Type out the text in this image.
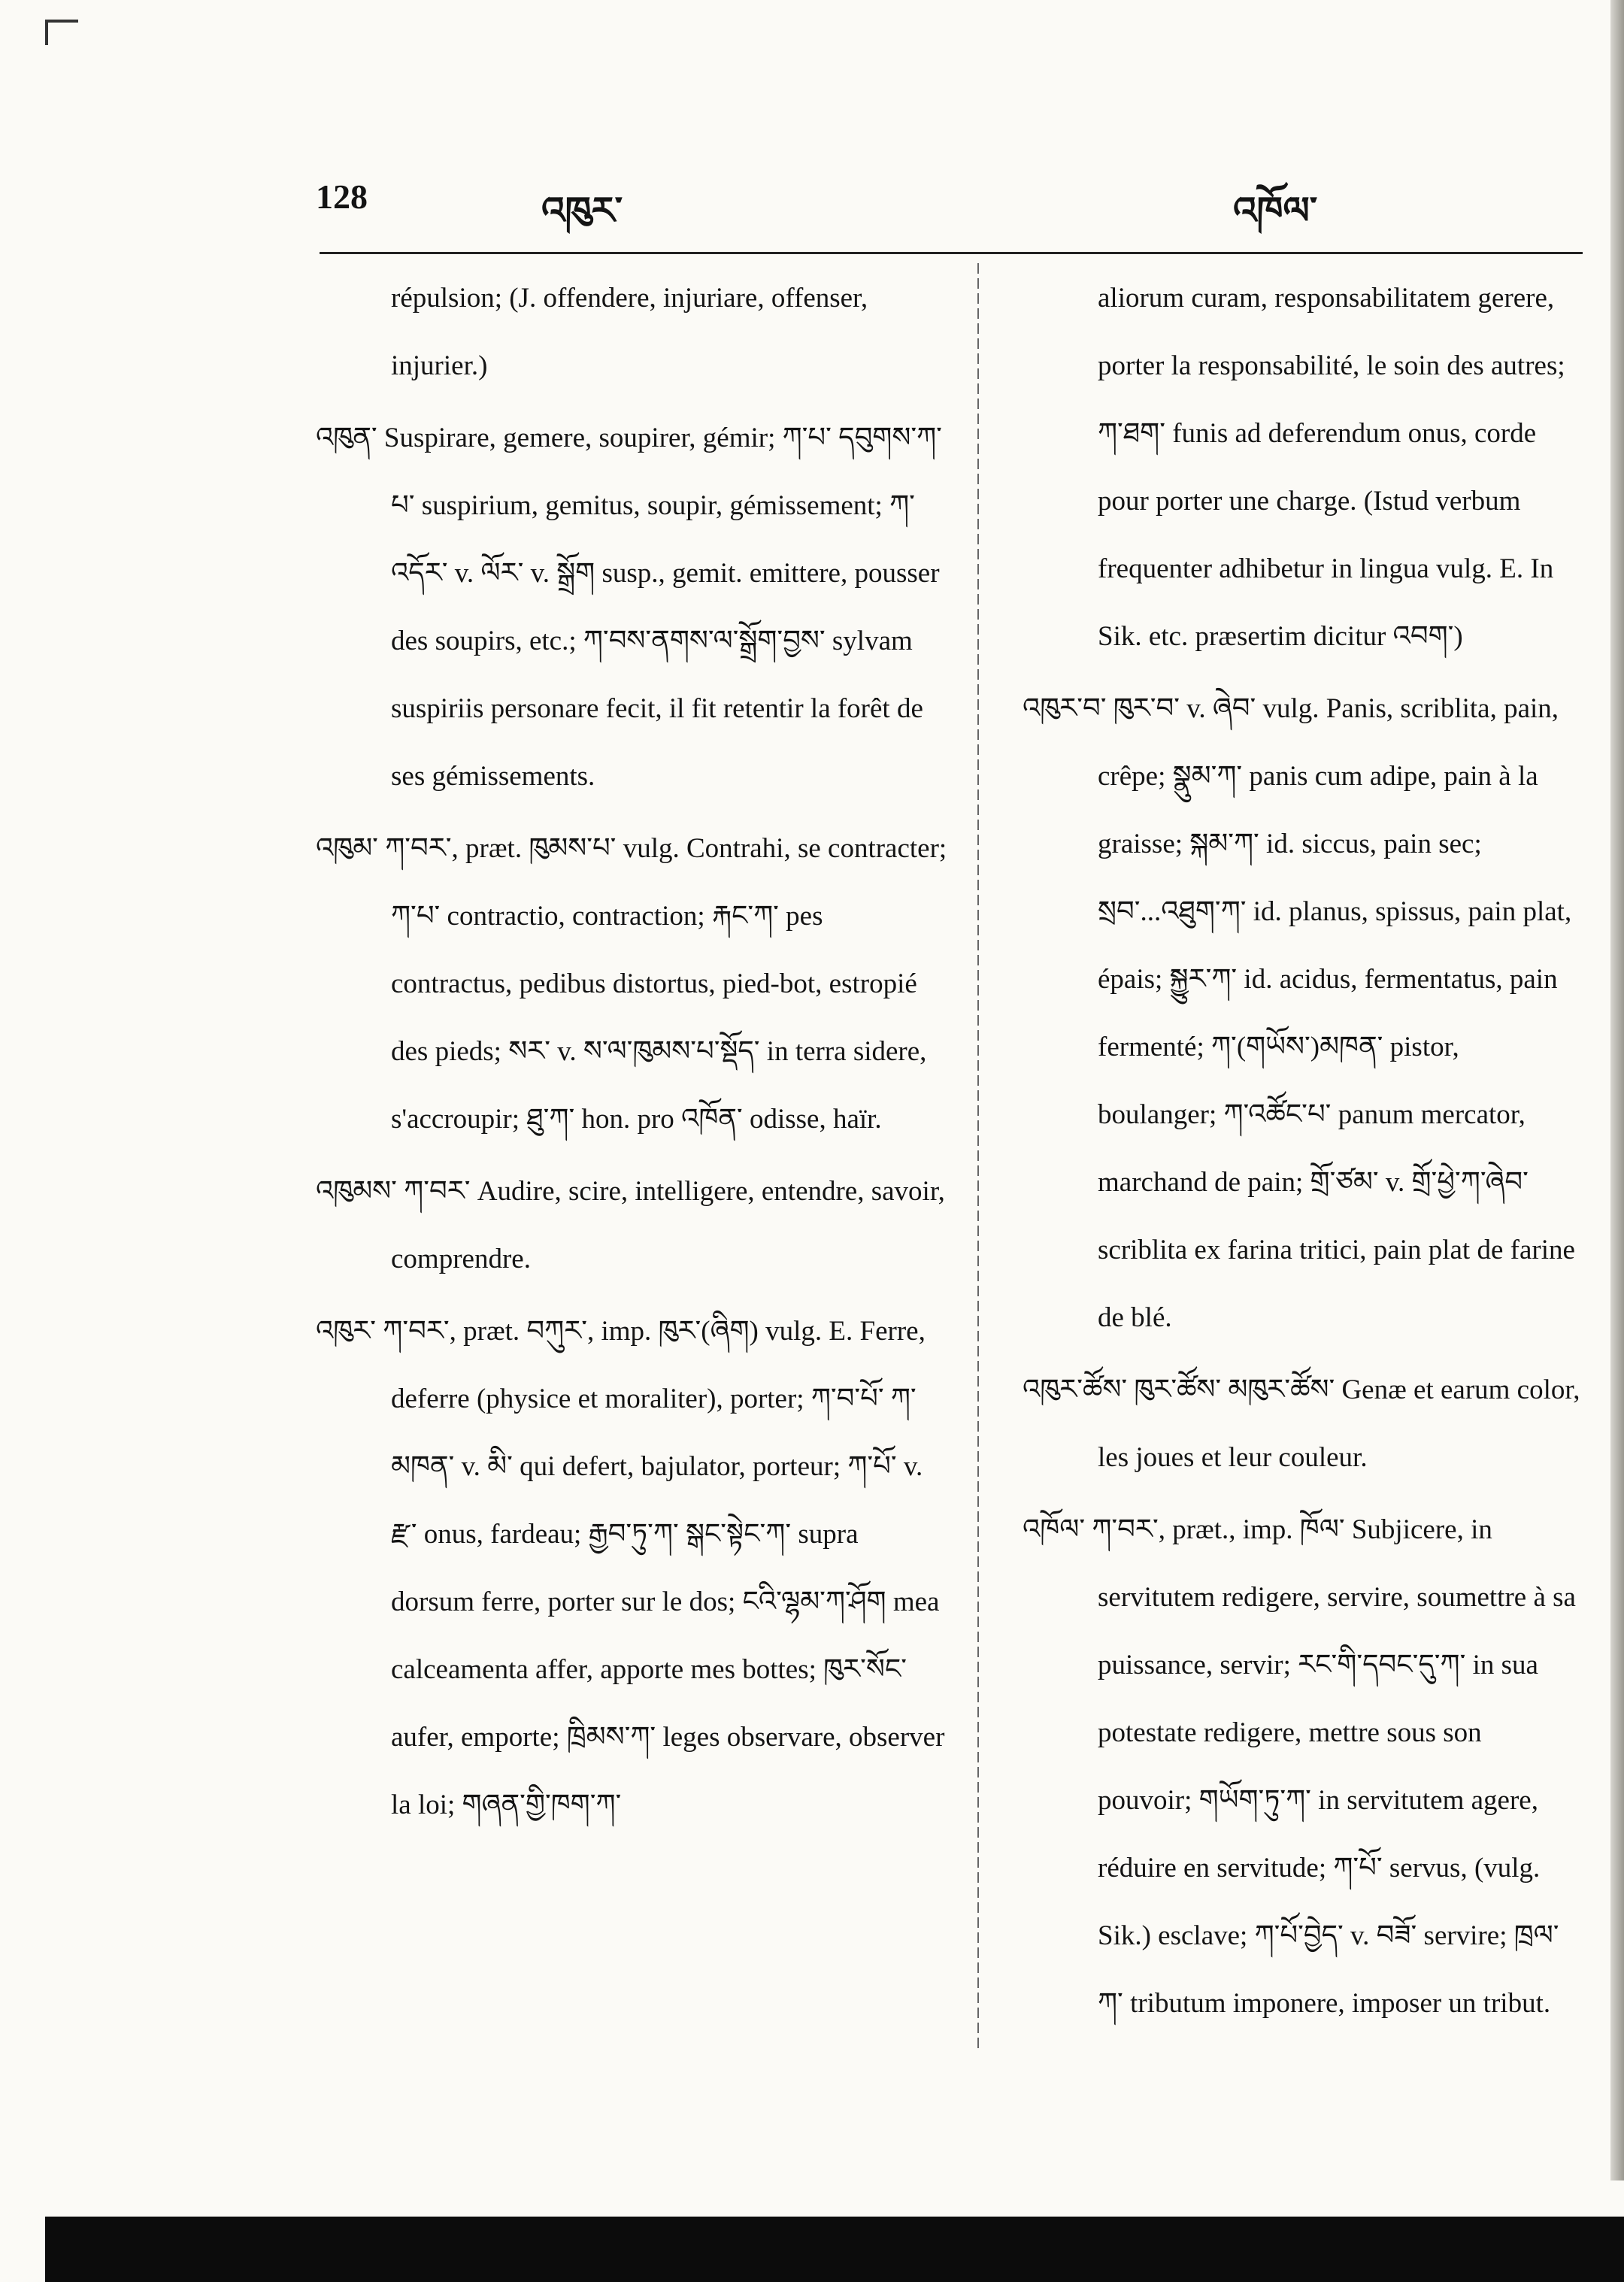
128	འཁུར་	འཁོལ་

répulsion; (J. offendere, injuriare, offenser, injurier.)

འཁུན་ Suspirare, gemere, soupirer, gémir; ཀ་པ་ དབུགས་ཀ་པ་ suspirium, gemitus, soupir, gémissement; ཀ་འདོར་ v. ལོར་ v. སྒྲོག susp., gemit. emittere, pousser des soupirs, etc.; ཀ་བས་ནགས་ལ་སྒྲོག་བྱས་ sylvam suspiriis personare fecit, il fit retentir la forêt de ses gémissements.

འཁུམ་ ཀ་བར་, præt. ཁུམས་པ་ vulg. Contrahi, se contracter; ཀ་པ་ contractio, contraction; རྐང་ཀ་ pes contractus, pedibus distortus, pied-bot, estropié des pieds; སར་ v. ས་ལ་ཁུམས་པ་སྡོད་ in terra sidere, s'accroupir; ཐུ་ཀ་ hon. pro འཁོན་ odisse, haïr.

འཁུམས་ ཀ་བར་ Audire, scire, intelligere, entendre, savoir, comprendre.

འཁུར་ ཀ་བར་, præt. བཀུར་, imp. ཁུར་(ཞིག) vulg. E. Ferre, deferre (physice et moraliter), porter; ཀ་བ་པོ་ ཀ་མཁན་ v. མི་ qui defert, bajulator, porteur; ཀ་པོ་ v. རྫ་ onus, fardeau; རྒྱབ་ཏུ་ཀ་ སྒང་སྟེང་ཀ་ supra dorsum ferre, porter sur le dos; ངའི་ལྷམ་ཀ་ཤོག mea calceamenta affer, apporte mes bottes; ཁུར་སོང་ aufer, emporte; ཁྲིམས་ཀ་ leges observare, observer la loi; གཞན་གྱི་ཁག་ཀ་

aliorum curam, responsabilitatem gerere, porter la responsabilité, le soin des autres; ཀ་ཐག་ funis ad deferendum onus, corde pour porter une charge. (Istud verbum frequenter adhibetur in lingua vulg. E. In Sik. etc. præsertim dicitur འབག་)

འཁུར་བ་ ཁུར་བ་ v. ཞེབ་ vulg. Panis, scriblita, pain, crêpe; སྣུམ་ཀ་ panis cum adipe, pain à la graisse; སྐམ་ཀ་ id. siccus, pain sec; སྲབ་...འཐུག་ཀ་ id. planus, spissus, pain plat, épais; སྐྱུར་ཀ་ id. acidus, fermentatus, pain fermenté; ཀ་(གཡོས་)མཁན་ pistor, boulanger; ཀ་འཚོང་པ་ panum mercator, marchand de pain; གྲོ་ཙམ་ v. གྲོ་ཕྱེ་ཀ་ཞེབ་ scriblita ex farina tritici, pain plat de farine de blé.

འཁུར་ཚོས་ ཁུར་ཚོས་ མཁུར་ཚོས་ Genæ et earum color, les joues et leur couleur.

འཁོལ་ ཀ་བར་, præt., imp. ཁོལ་ Subjicere, in servitutem redigere, servire, soumettre à sa puissance, servir; རང་གི་དབང་དུ་ཀ་ in sua potestate redigere, mettre sous son pouvoir; གཡོག་ཏུ་ཀ་ in servitutem agere, réduire en servitude; ཀ་པོ་ servus, (vulg. Sik.) esclave; ཀ་པོ་བྱེད་ v. བཟོ་ servire; ཁྲལ་ཀ་ tributum imponere, imposer un tribut.
